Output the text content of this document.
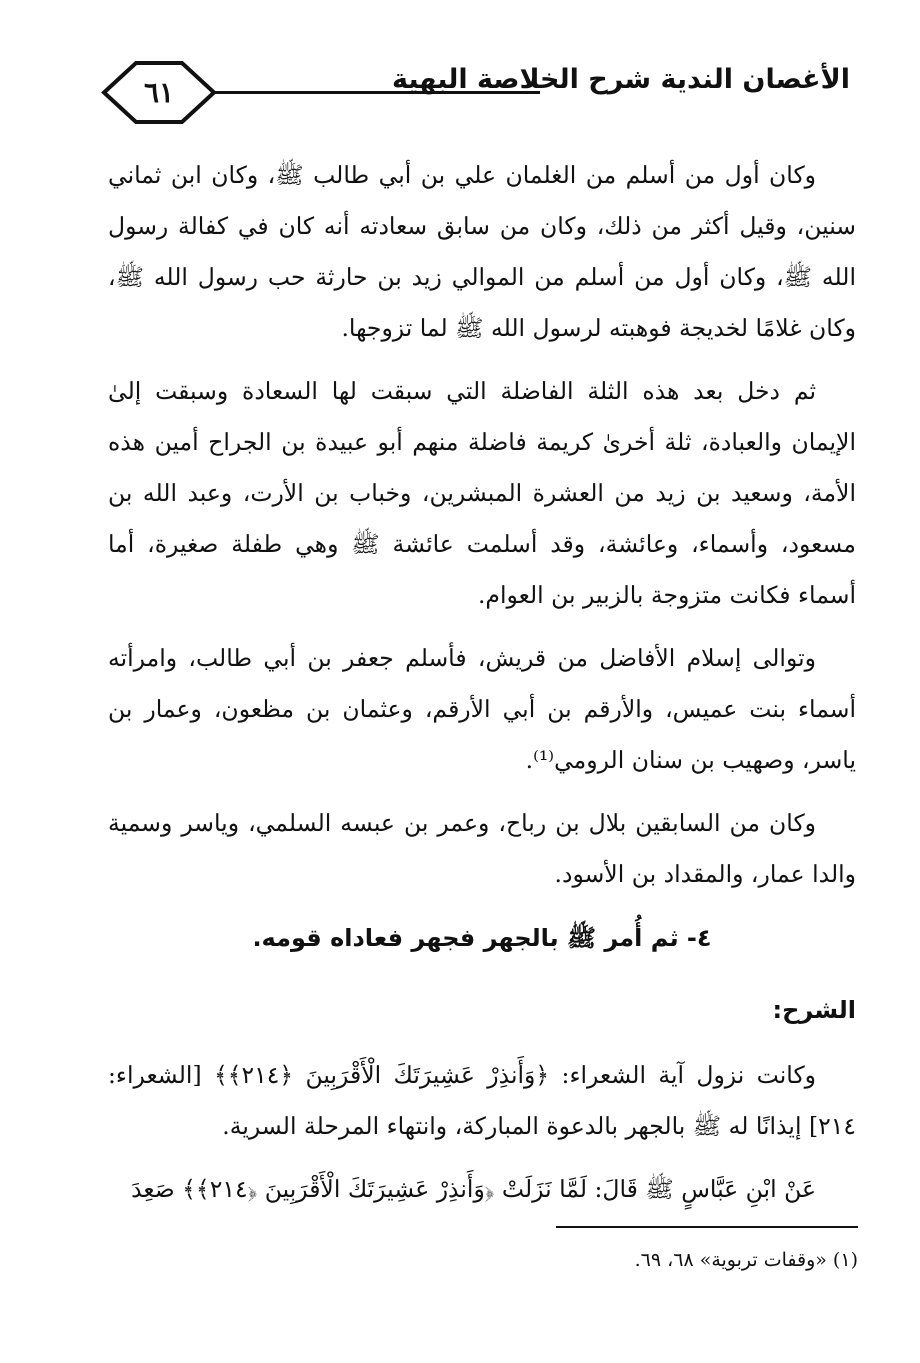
٦١	الأغصان الندية شرح الخلاصة البهية

وكان أول من أسلم من الغلمان علي بن أبي طالب ﷺ، وكان ابن ثماني سنين، وقيل أكثر من ذلك، وكان من سابق سعادته أنه كان في كفالة رسول الله ﷺ، وكان أول من أسلم من الموالي زيد بن حارثة حب رسول الله ﷺ، وكان غلامًا لخديجة فوهبته لرسول الله ﷺ لما تزوجها.

ثم دخل بعد هذه الثلة الفاضلة التي سبقت لها السعادة وسبقت إلىٰ الإيمان والعبادة، ثلة أخرىٰ كريمة فاضلة منهم أبو عبيدة بن الجراح أمين هذه الأمة، وسعيد بن زيد من العشرة المبشرين، وخباب بن الأرت، وعبد الله بن مسعود، وأسماء، وعائشة، وقد أسلمت عائشة ﷺ وهي طفلة صغيرة، أما أسماء فكانت متزوجة بالزبير بن العوام.

وتوالى إسلام الأفاضل من قريش، فأسلم جعفر بن أبي طالب، وامرأته أسماء بنت عميس، والأرقم بن أبي الأرقم، وعثمان بن مظعون، وعمار بن ياسر، وصهيب بن سنان الرومي⁽¹⁾.

وكان من السابقين بلال بن رباح، وعمر بن عبسه السلمي، وياسر وسمية والدا عمار، والمقداد بن الأسود.

٤- ثم أُمر ﷺ بالجهر فجهر فعاداه قومه.
الشرح:

وكانت نزول آية الشعراء: ﴿وَأَنذِرْ عَشِيرَتَكَ الْأَقْرَبِينَ ﴿٢١٤﴾﴾ [الشعراء: ٢١٤] إيذانًا له ﷺ بالجهر بالدعوة المباركة، وانتهاء المرحلة السرية.

عَنْ ابْنِ عَبَّاسٍ ﷺ قَالَ: لَمَّا نَزَلَتْ ﴿وَأَنذِرْ عَشِيرَتَكَ الْأَقْرَبِينَ ﴿٢١٤﴾﴾ صَعِدَ

(١) «وقفات تربوية» ٦٨، ٦٩.
